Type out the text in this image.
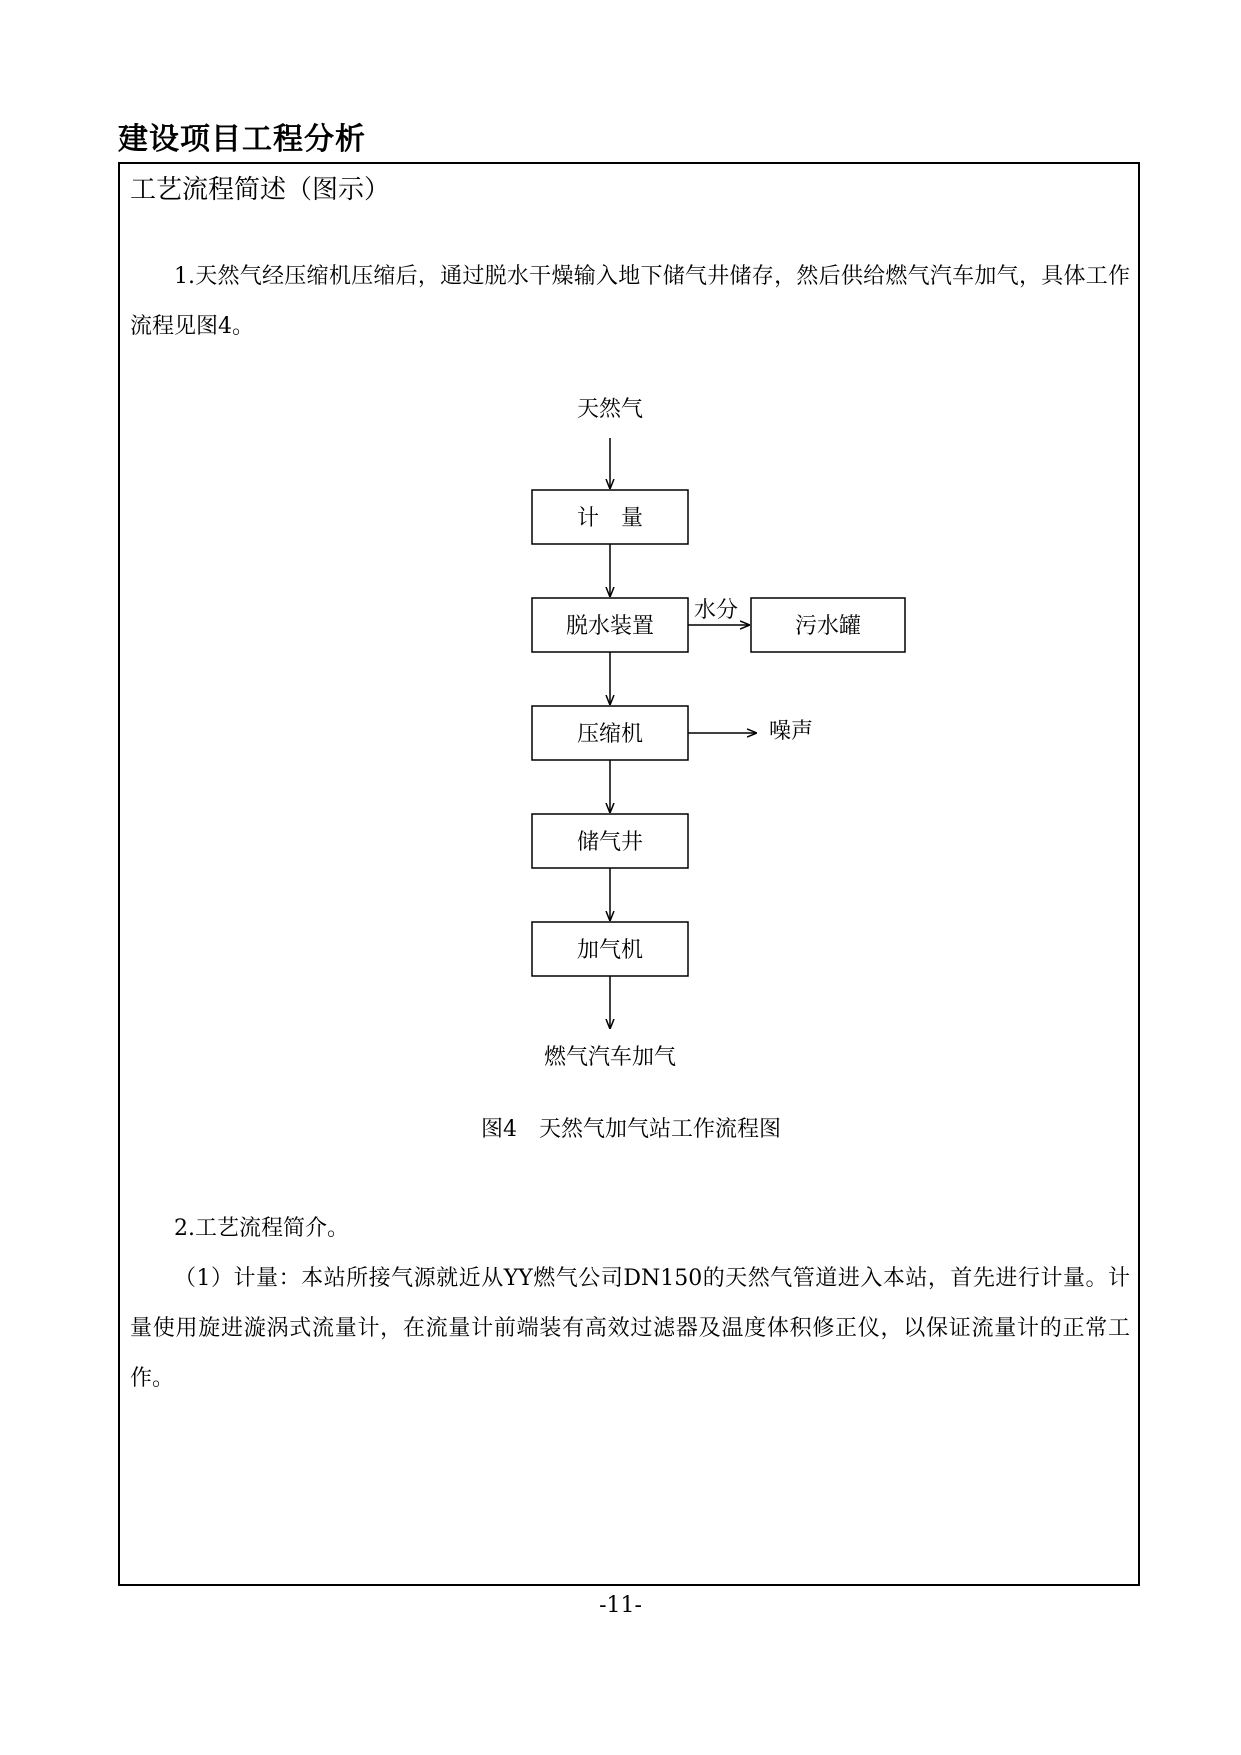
建设项目工程分析
工艺流程简述（图示）

1.天然气经压缩机压缩后，通过脱水干燥输入地下储气井储存，然后供给燃气汽车加气，具体工作流程见图4。

天然气
计　量
脱水装置
水分
污水罐
压缩机	噪声
储气井
加气机
燃气汽车加气

图4　天然气加气站工作流程图

2.工艺流程简介。

（1）计量：本站所接气源就近从YY燃气公司DN150的天然气管道进入本站，首先进行计量。计量使用旋进漩涡式流量计，在流量计前端装有高效过滤器及温度体积修正仪，以保证流量计的正常工作。

-11-
